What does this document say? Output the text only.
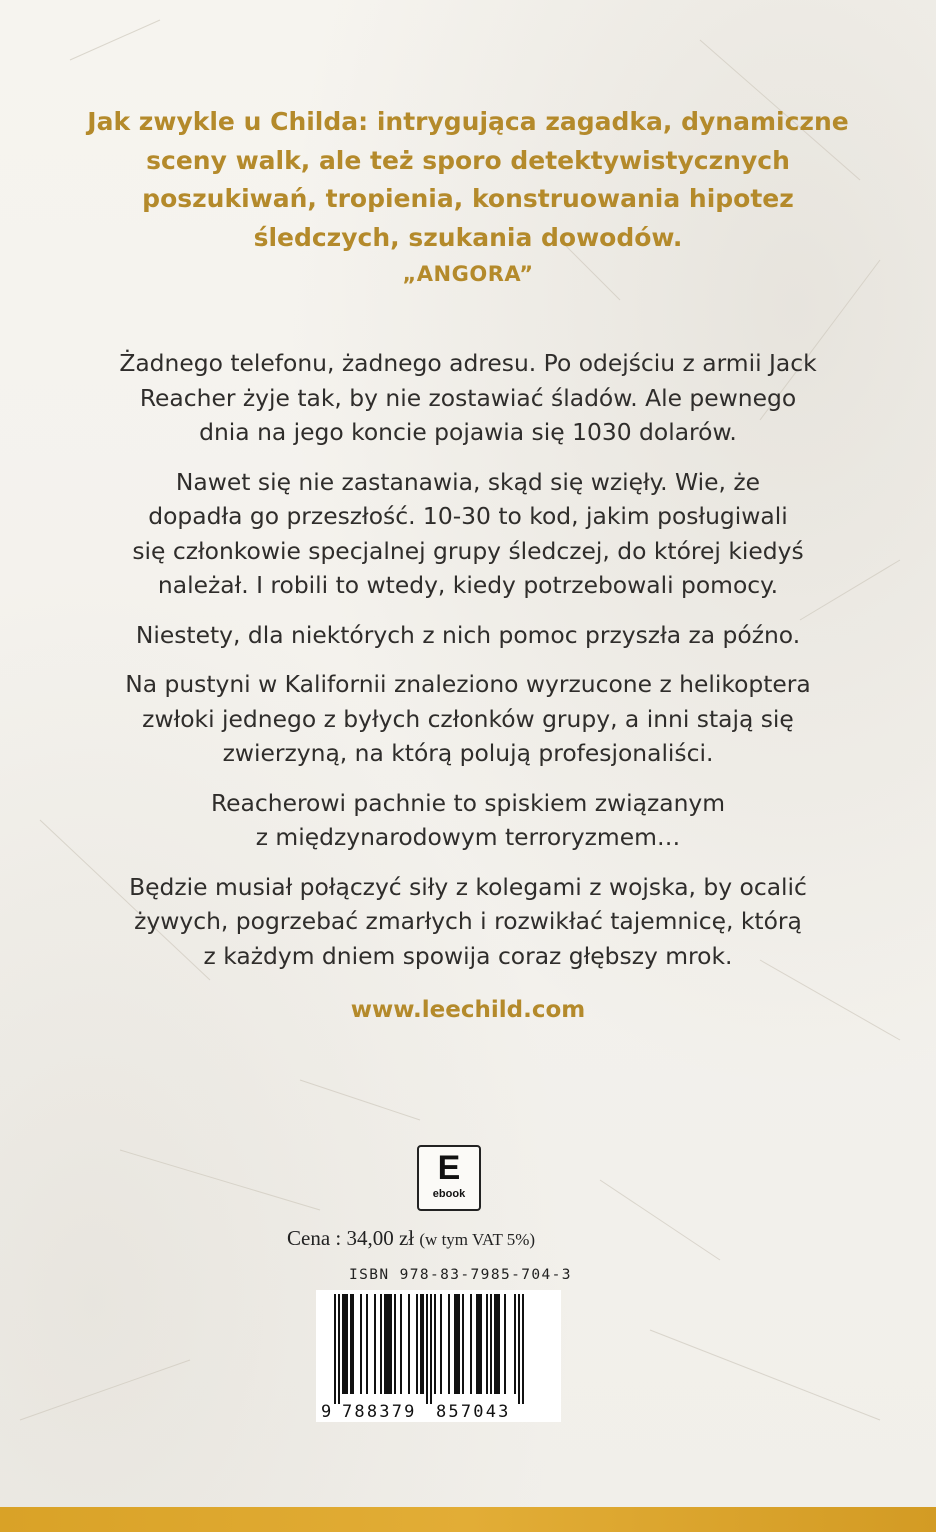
Jak zwykle u Childa: intrygująca zagadka, dynamiczne
sceny walk, ale też sporo detektywistycznych
poszukiwań, tropienia, konstruowania hipotez
śledczych, szukania dowodów.
„ANGORA”

Żadnego telefonu, żadnego adresu. Po odejściu z armii Jack
Reacher żyje tak, by nie zostawiać śladów. Ale pewnego
dnia na jego koncie pojawia się 1030 dolarów.

Nawet się nie zastanawia, skąd się wzięły. Wie, że
dopadła go przeszłość. 10-30 to kod, jakim posługiwali
się członkowie specjalnej grupy śledczej, do której kiedyś
należał. I robili to wtedy, kiedy potrzebowali pomocy.

Niestety, dla niektórych z nich pomoc przyszła za późno.

Na pustyni w Kalifornii znaleziono wyrzucone z helikoptera
zwłoki jednego z byłych członków grupy, a inni stają się
zwierzyną, na którą polują profesjonaliści.

Reacherowi pachnie to spiskiem związanym
z międzynarodowym terroryzmem…

Będzie musiał połączyć siły z kolegami z wojska, by ocalić
żywych, pogrzebać zmarłych i rozwikłać tajemnicę, którą
z każdym dniem spowija coraz głębszy mrok.

www.leechild.com
E
ebook
Cena : 34,00 zł (w tym VAT 5%)
ISBN 978-83-7985-704-3
9 788379 857043
